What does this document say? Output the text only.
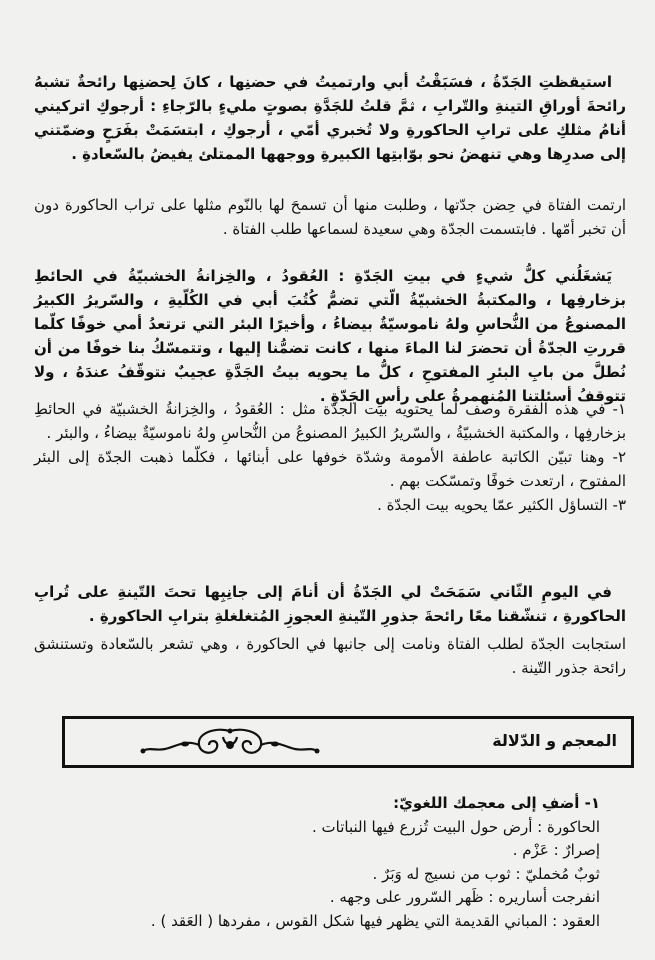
استيقظتِ الجَدّةُ ، فسَبَقْتُ أبي وارتميتُ في حضنِها ، كانَ لِحضنِها رائحةٌ تشبهُ رائحةَ أوراقِ التينةِ والتّرابِ ، ثمَّ قلتُ للجَدَّةِ بصوتٍ مليءٍ بالرّجاءِ : أرجوكِ اتركيني أنامُ مثلكِ على ترابِ الحاكورةِ ولا تُخبري أمّي ، أرجوكِ ، ابتسَمَتْ بفَرَحٍ وضمّتني إلى صدرِها وهي تنهضُ نحو بوّابتِها الكبيرةِ ووجهها الممتلئ يفيضُ بالسّعادةِ .

ارتمت الفتاة في حِضن جدّتها ، وطلبت منها أن تسمحَ لها بالنّوم مثلها على تراب الحاكورة دون أن تخبر أمّها . فابتسمت الجدّة وهي سعيدة لسماعها طلب الفتاة .

يَشغَلُني كلُّ شيءٍ في بيتِ الجَدّةِ : العُقودُ ، والخِزانةُ الخشبيّةُ في الحائطِ بزخارفِها ، والمكتبةُ الخشبيّةُ الّتي تضمُّ كُتُبَ أبي في الكُلّيةِ ، والسّريرُ الكبيرُ المصنوعُ من النُّحاسِ ولهُ ناموسيّةٌ بيضاءُ ، وأخيرًا البئر التي ترتعدُ أمي خوفًا كلّما قررتِ الجدّةُ أن تحضرَ لنا الماءَ منها ، كانت تضمُّنا إليها ، وتتمسّكُ بنا خوفًا من أن نُطلَّ من بابِ البئرِ المفتوحِ ، كلُّ ما يحويه بيتُ الجَدَّةِ عجيبٌ نتوقّفُ عندَهُ ، ولا تتوقفُ أسئلتنا المُنهمرةُ على رأسِ الجَدّةِ .

١- في هذه الفقرة وصف لما يحتويه بيت الجدّة مثل : العُقودُ ، والخِزانةُ الخشبيّة في الحائطِ بزخارفِها ، والمكتبة الخشبيّةُ ، والسّريرُ الكبيرُ المصنوعُ من النُّحاسِ ولهُ ناموسيّةٌ بيضاءُ ، والبئر .

٢- وهنا تبيّن الكاتبة عاطفة الأمومة وشدّة خوفها على أبنائها ، فكلّما ذهبت الجدّة إلى البئر المفتوح ، ارتعدت خوفًا وتمسّكت بهم .

٣- التساؤل الكثير عمّا يحويه بيت الجدّة .

في اليومِ الثّاني سَمَحَتْ لي الجَدّةُ أن أنامَ إلى جانِبِها تحتَ التّينةِ على تُرابِ الحاكورةِ ، تنشّقنا معًا رائحةَ جذورِ التّينةِ العجوزِ المُتغلغلةِ بترابِ الحاكورةِ .

استجابت الجدّة لطلب الفتاة ونامت إلى جانبها في الحاكورة ، وهي تشعر بالسّعادة وتستنشق رائحة جذور التّينة .

المعجم و الدّلالة
١- أضفِ إلى معجمك اللغويّ:
الحاكورة : أرض حول البيت تُزرع فيها النباتات .
إصرارٌ : عَزْم .
ثوبٌ مُخمليّ : ثوب من نسيج له وَبَرٌ .
انفرجت أساريره : ظَهر السّرور على وجهه .
العقود : المباني القديمة التي يظهر فيها شكل القوس ، مفردها ( العَقد ) .
